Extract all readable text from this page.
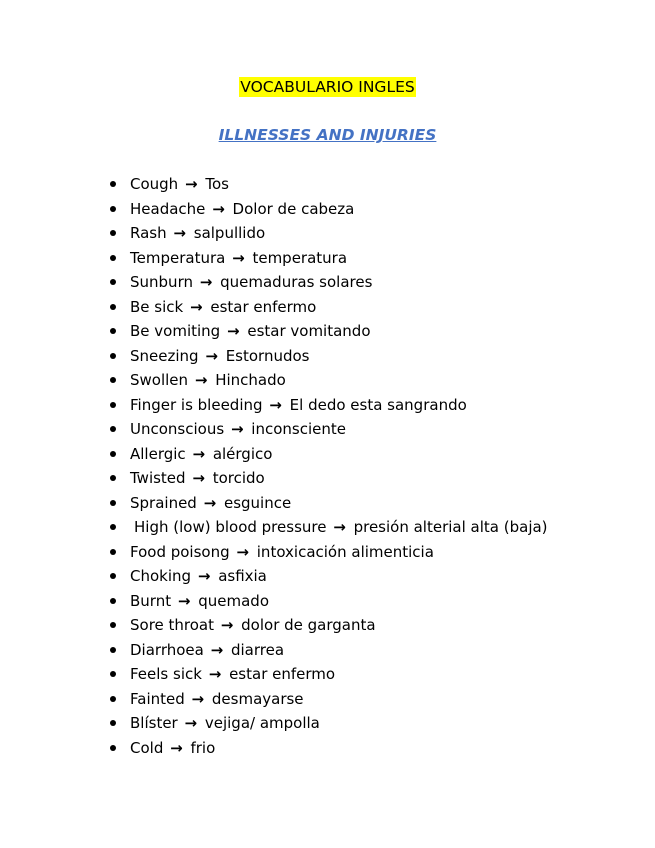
VOCABULARIO INGLES
ILLNESSES AND INJURIES
Cough → Tos
Headache → Dolor de cabeza
Rash → salpullido
Temperatura → temperatura
Sunburn → quemaduras solares
Be sick → estar enfermo
Be vomiting → estar vomitando
Sneezing → Estornudos
Swollen → Hinchado
Finger is bleeding → El dedo esta sangrando
Unconscious → inconsciente
Allergic → alérgico
Twisted → torcido
Sprained → esguince
High (low) blood pressure → presión alterial alta (baja)
Food poisong → intoxicación alimenticia
Choking → asfixia
Burnt → quemado
Sore throat → dolor de garganta
Diarrhoea → diarrea
Feels sick → estar enfermo
Fainted → desmayarse
Blíster → vejiga/ ampolla
Cold → frio
